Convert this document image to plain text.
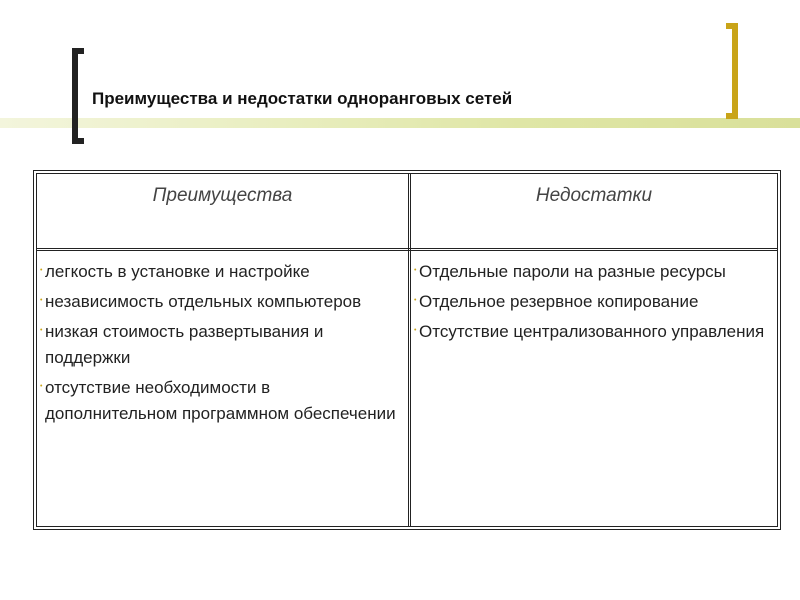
Преимущества и недостатки одноранговых сетей
Преимущества	Недостатки
• легкость в установке и настройке
• независимость отдельных компьютеров
• низкая стоимость развертывания и поддержки
• отсутствие необходимости в дополнительном программном обеспечении
• Отдельные пароли на разные ресурсы
• Отдельное резервное копирование
• Отсутствие централизованного управления
